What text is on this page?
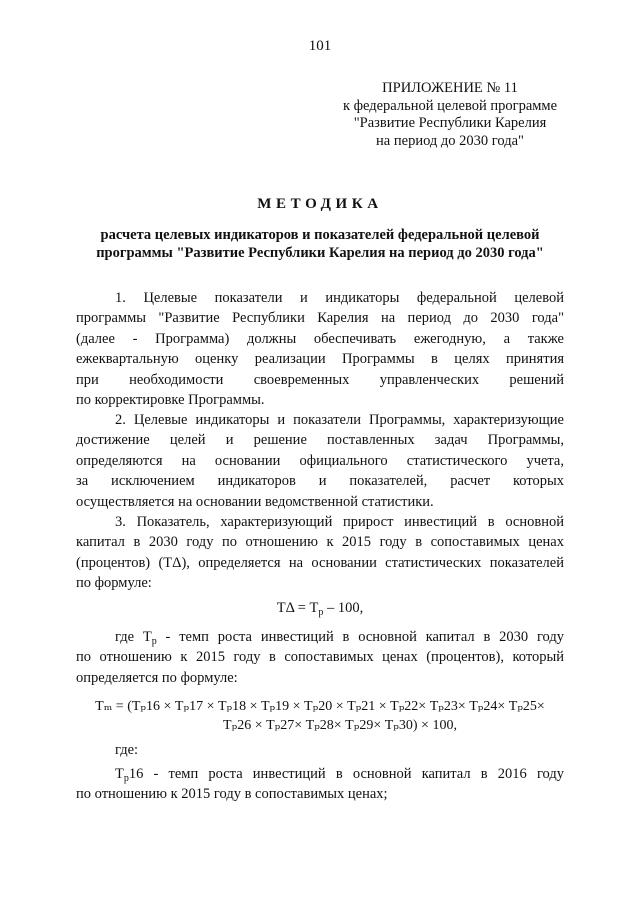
101
ПРИЛОЖЕНИЕ № 11
к федеральной целевой программе
"Развитие Республики Карелия
на период до 2030 года"
МЕТОДИКА
расчета целевых индикаторов и показателей федеральной целевой
программы "Развитие Республики Карелия на период до 2030 года"
1. Целевые показатели и индикаторы федеральной целевой
программы "Развитие Республики Карелия на период до 2030 года"
(далее - Программа) должны обеспечивать ежегодную, а также
ежеквартальную оценку реализации Программы в целях принятия
при необходимости своевременных управленческих решений
по корректировке Программы.
2. Целевые индикаторы и показатели Программы, характеризующие
достижение целей и решение поставленных задач Программы,
определяются на основании официального статистического учета,
за исключением индикаторов и показателей, расчет которых
осуществляется на основании ведомственной статистики.
3. Показатель, характеризующий прирост инвестиций в основной
капитал в 2030 году по отношению к 2015 году в сопоставимых ценах
(процентов) (ТΔ), определяется на основании статистических показателей
по формуле:
$Т\Delta = Т_р - 100$,
где $Т_р$ - темп роста инвестиций в основной капитал в 2030 году
по отношению к 2015 году в сопоставимых ценах (процентов), который
определяется по формуле:
Тₘ = (Тₚ16 × Тₚ17 × Тₚ18 × Тₚ19 × Тₚ20 × Тₚ21 × Тₚ22× Тₚ23× Тₚ24× Тₚ25×
Тₚ26 × Тₚ27× Тₚ28× Тₚ29× Тₚ30) × 100,
где:
$Т_р16$ - темп роста инвестиций в основной капитал в 2016 году
по отношению к 2015 году в сопоставимых ценах;
